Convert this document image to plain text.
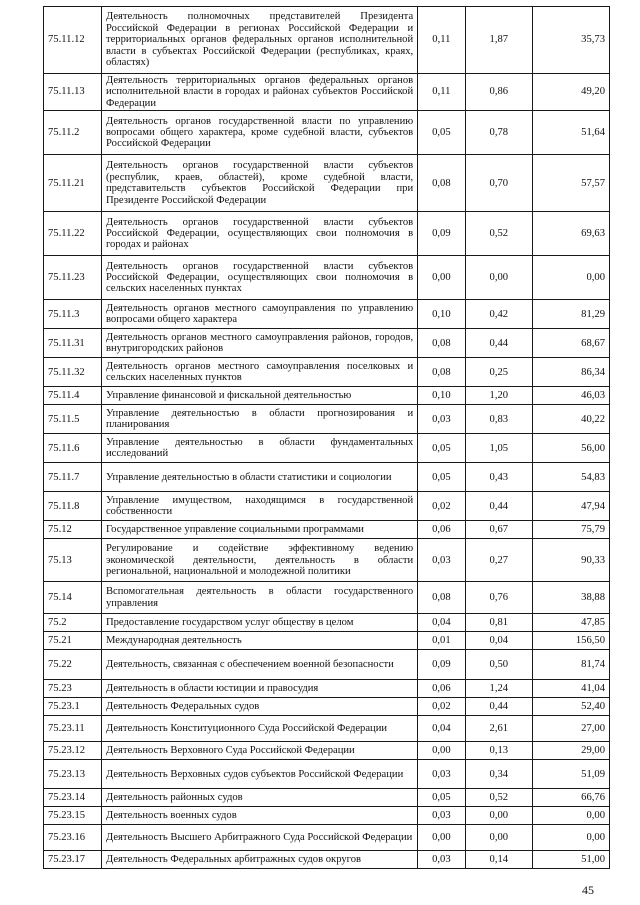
75.11.12	Деятельность полномочных представителей Президента Российской Федерации в регионах Российской Федерации и территориальных органов федеральных органов исполнительной власти в субъектах Российской Федерации (республиках, краях, областях)	0,11	1,87	35,73
75.11.13	Деятельность территориальных органов федеральных органов исполнительной власти в городах и районах субъектов Российской Федерации	0,11	0,86	49,20
75.11.2	Деятельность органов государственной власти по управлению вопросами общего характера, кроме судебной власти, субъектов Российской Федерации	0,05	0,78	51,64
75.11.21	Деятельность органов государственной власти субъектов (республик, краев, областей), кроме судебной власти, представительств субъектов Российской Федерации при Президенте Российской Федерации	0,08	0,70	57,57
75.11.22	Деятельность органов государственной власти субъектов Российской Федерации, осуществляющих свои полномочия в городах и районах	0,09	0,52	69,63
75.11.23	Деятельность органов государственной власти субъектов Российской Федерации, осуществляющих свои полномочия в сельских населенных пунктах	0,00	0,00	0,00
75.11.3	Деятельность органов местного самоуправления по управлению вопросами общего характера	0,10	0,42	81,29
75.11.31	Деятельность органов местного самоуправления районов, городов, внутригородских районов	0,08	0,44	68,67
75.11.32	Деятельность органов местного самоуправления поселковых и сельских населенных пунктов	0,08	0,25	86,34
75.11.4	Управление финансовой и фискальной деятельностью	0,10	1,20	46,03
75.11.5	Управление деятельностью в области прогнозирования и планирования	0,03	0,83	40,22
75.11.6	Управление деятельностью в области фундаментальных исследований	0,05	1,05	56,00
75.11.7	Управление деятельностью в области статистики и социологии	0,05	0,43	54,83
75.11.8	Управление имуществом, находящимся в государственной собственности	0,02	0,44	47,94
75.12	Государственное управление социальными программами	0,06	0,67	75,79
75.13	Регулирование и содействие эффективному ведению экономической деятельности, деятельность в области региональной, национальной и молодежной политики	0,03	0,27	90,33
75.14	Вспомогательная деятельность в области государственного управления	0,08	0,76	38,88
75.2	Предоставление государством услуг обществу в целом	0,04	0,81	47,85
75.21	Международная деятельность	0,01	0,04	156,50
75.22	Деятельность, связанная с обеспечением военной безопасности	0,09	0,50	81,74
75.23	Деятельность в области юстиции и правосудия	0,06	1,24	41,04
75.23.1	Деятельность Федеральных судов	0,02	0,44	52,40
75.23.11	Деятельность Конституционного Суда Российской Федерации	0,04	2,61	27,00
75.23.12	Деятельность Верховного Суда Российской Федерации	0,00	0,13	29,00
75.23.13	Деятельность Верховных судов субъектов Российской Федерации	0,03	0,34	51,09
75.23.14	Деятельность районных судов	0,05	0,52	66,76
75.23.15	Деятельность военных судов	0,03	0,00	0,00
75.23.16	Деятельность Высшего Арбитражного Суда Российской Федерации	0,00	0,00	0,00
75.23.17	Деятельность Федеральных арбитражных судов округов	0,03	0,14	51,00
45
